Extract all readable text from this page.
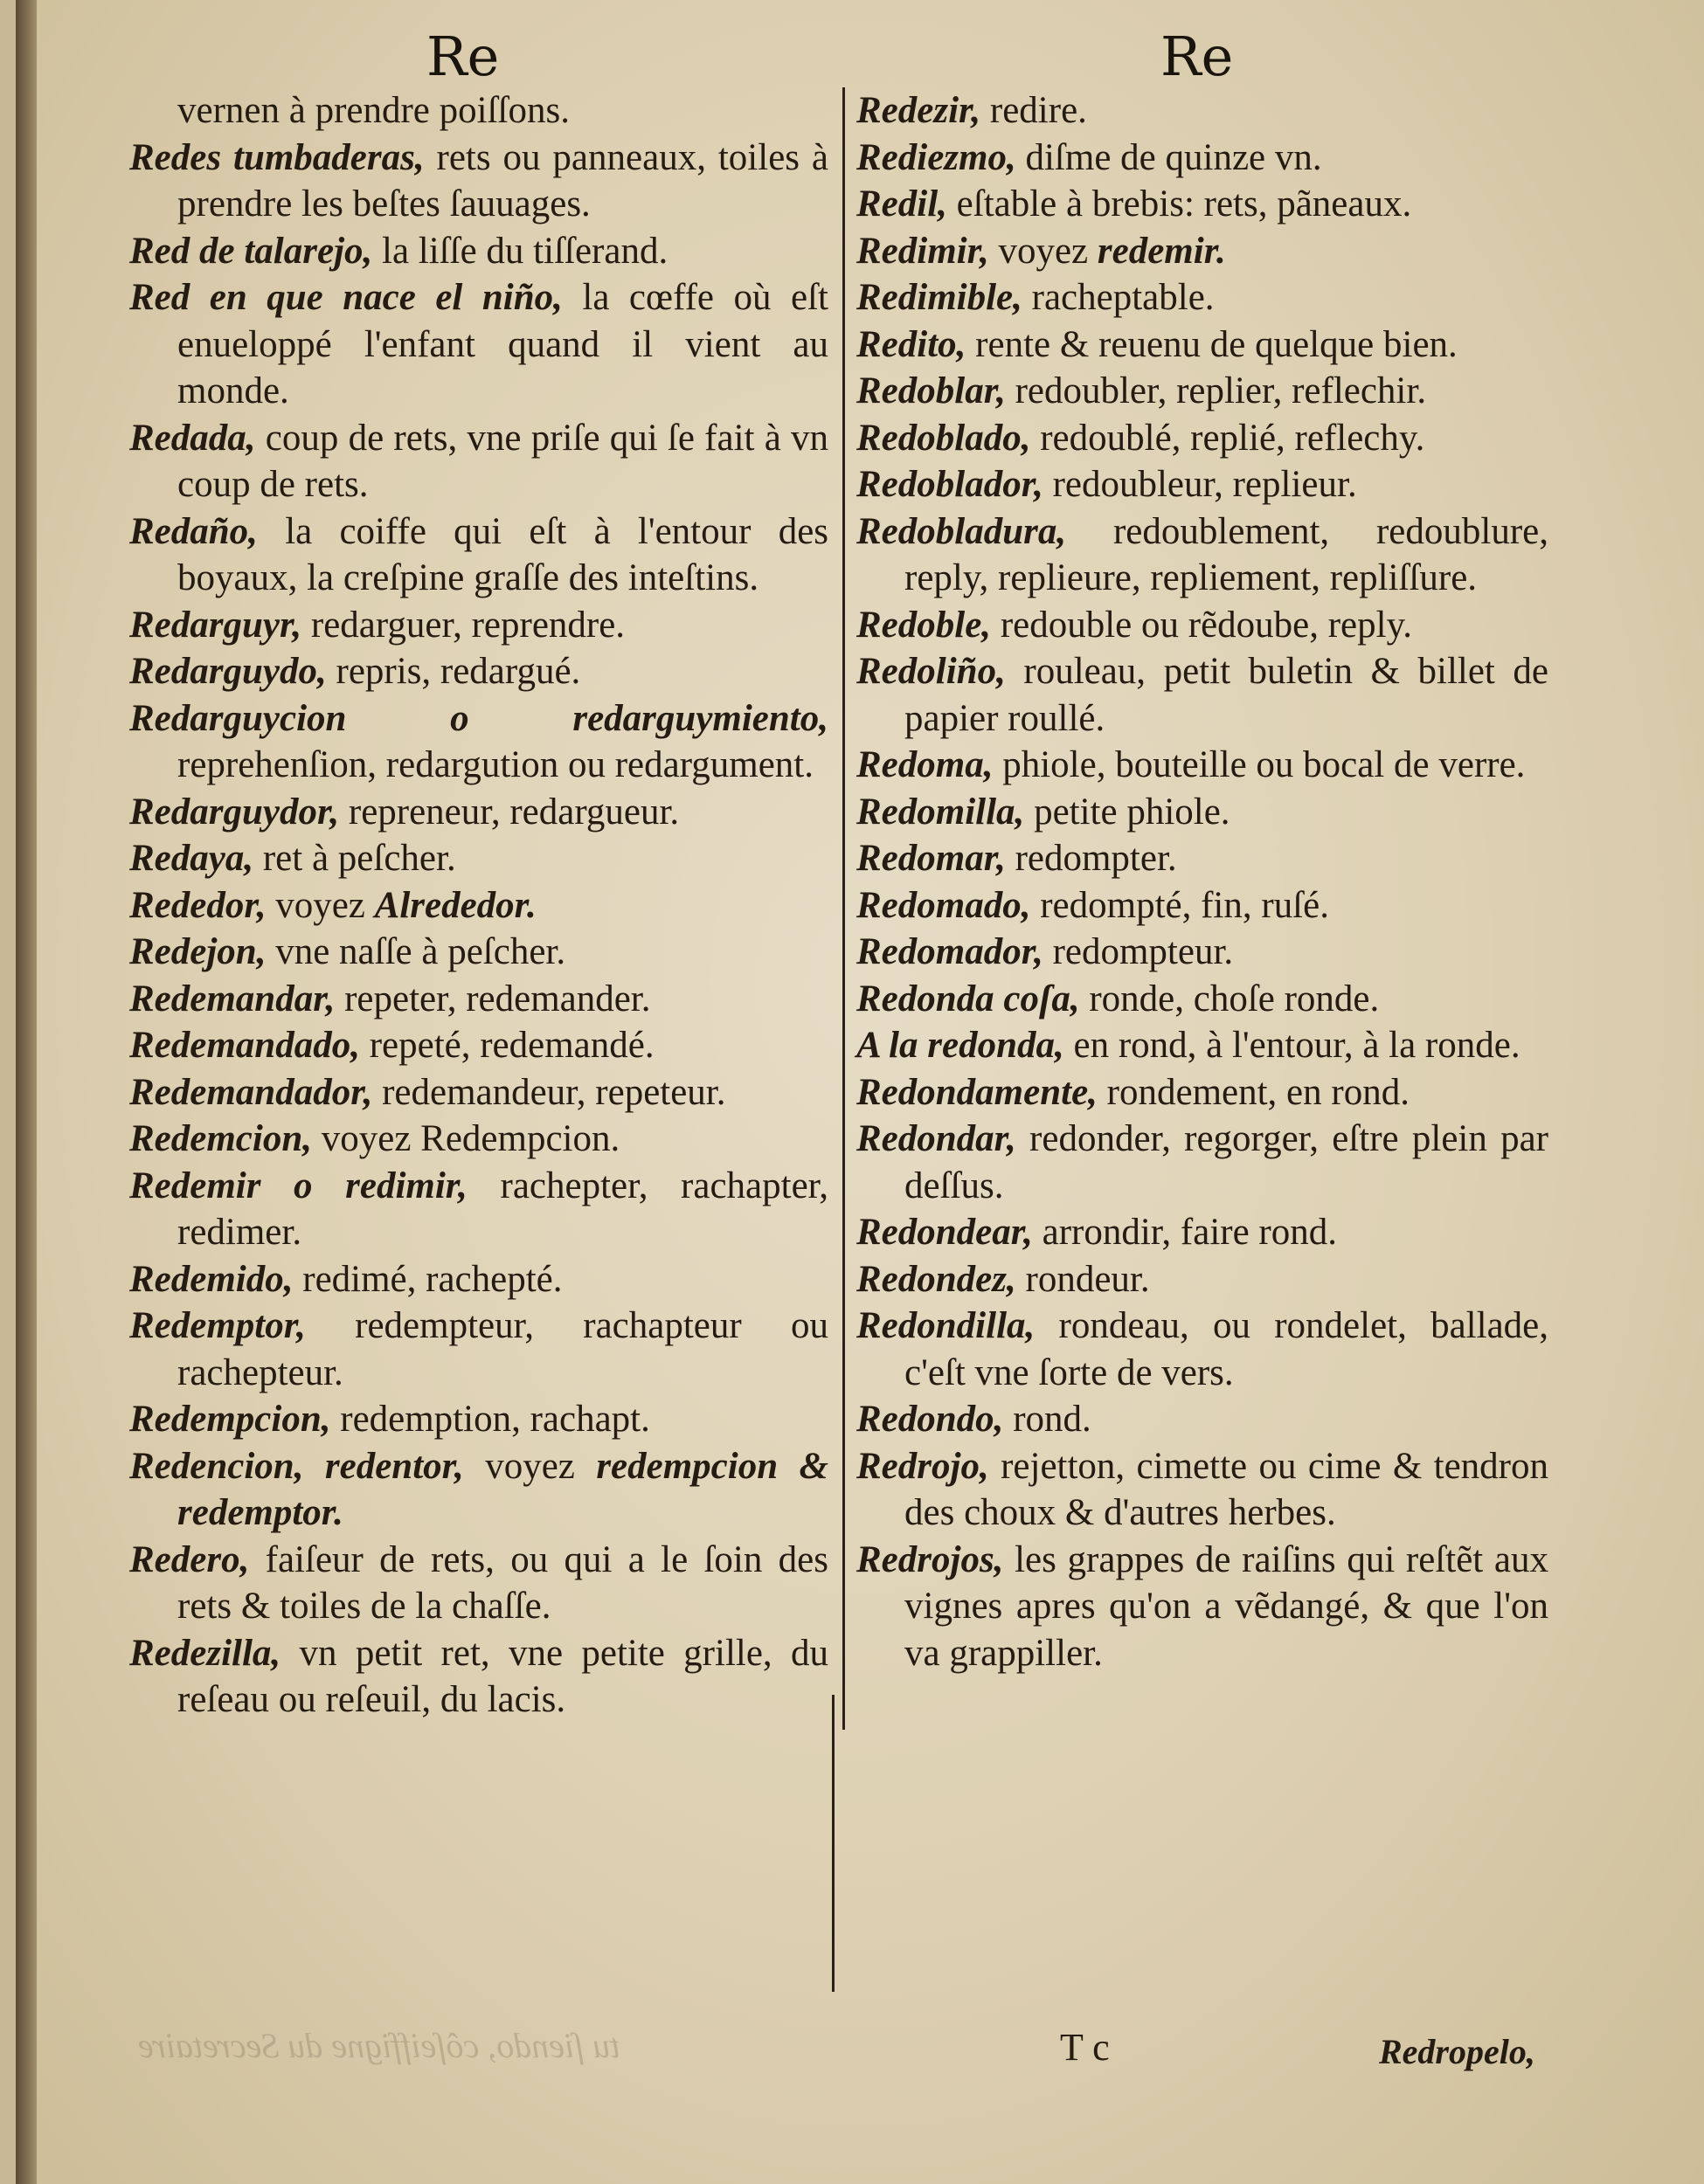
Re	Re

vernen à prendre poiſſons.

Redes tumbaderas, rets ou panneaux, toiles à prendre les beſtes ſauuages.

Red de talarejo, la liſſe du tiſſerand.

Red en que nace el niño, la cœffe où eſt enueloppé l'enfant quand il vient au monde.

Redada, coup de rets, vne priſe qui ſe fait à vn coup de rets.

Redaño, la coiffe qui eſt à l'entour des boyaux, la creſpine graſſe des inteſtins.

Redarguyr, redarguer, reprendre.

Redarguydo, repris, redargué.

Redarguycion o redarguymiento, reprehenſion, redargution ou redargument.

Redarguydor, repreneur, redargueur.

Redaya, ret à peſcher.

Rededor, voyez Alrededor.

Redejon, vne naſſe à peſcher.

Redemandar, repeter, redemander.

Redemandado, repeté, redemandé.

Redemandador, redemandeur, repeteur.

Redemcion, voyez Redempcion.

Redemir o redimir, rachepter, rachapter, redimer.

Redemido, redimé, rachepté.

Redemptor, redempteur, rachapteur ou rachepteur.

Redempcion, redemption, rachapt.

Redencion, redentor, voyez redempcion & redemptor.

Redero, faiſeur de rets, ou qui a le ſoin des rets & toiles de la chaſſe.

Redezilla, vn petit ret, vne petite grille, du reſeau ou reſeuil, du lacis.

Redezir, redire.

Rediezmo, diſme de quinze vn.

Redil, eſtable à brebis: rets, pãneaux.

Redimir, voyez redemir.

Redimible, racheptable.

Redito, rente & reuenu de quelque bien.

Redoblar, redoubler, replier, reflechir.

Redoblado, redoublé, replié, reflechy.

Redoblador, redoubleur, replieur.

Redobladura, redoublement, redoublure, reply, replieure, repliement, repliſſure.

Redoble, redouble ou rẽdoube, reply.

Redoliño, rouleau, petit buletin & billet de papier roullé.

Redoma, phiole, bouteille ou bocal de verre.

Redomilla, petite phiole.

Redomar, redompter.

Redomado, redompté, fin, ruſé.

Redomador, redompteur.

Redonda coſa, ronde, choſe ronde.

A la redonda, en rond, à l'entour, à la ronde.

Redondamente, rondement, en rond.

Redondar, redonder, regorger, eſtre plein par deſſus.

Redondear, arrondir, faire rond.

Redondez, rondeur.

Redondilla, rondeau, ou rondelet, ballade, c'eſt vne ſorte de vers.

Redondo, rond.

Redrojo, rejetton, cimette ou cime & tendron des choux & d'autres herbes.

Redrojos, les grappes de raiſins qui reſtẽt aux vignes apres qu'on a vẽdangé, & que l'on va grappiller.

tu ſiendo, côſeiffigne du Secretaire	T c	Redropelo,
